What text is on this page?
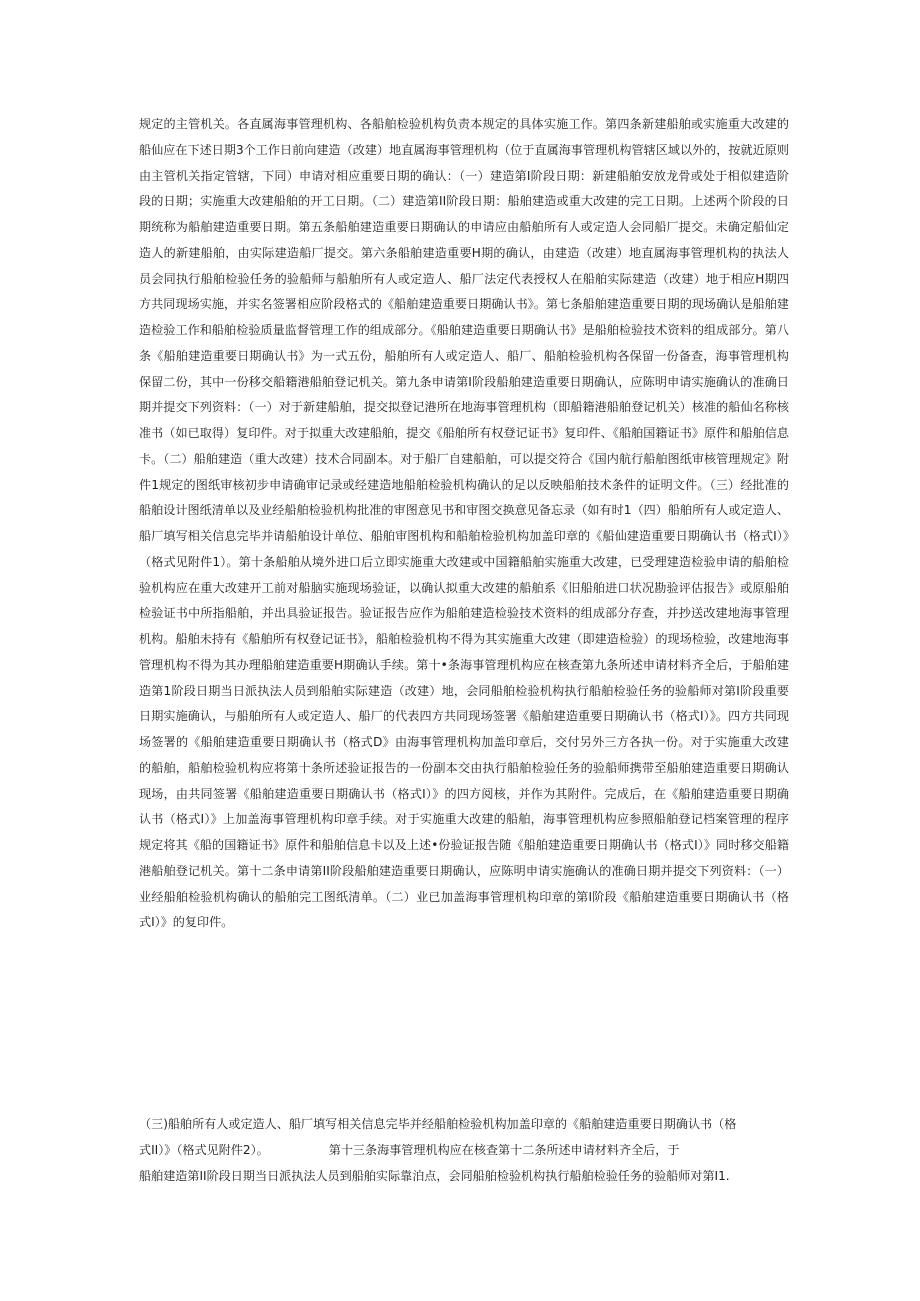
规定的主管机关。各直属海事管理机构、各船舶检验机构负责本规定的具体实施工作。第四条新建船舶或实施重大改建的船仙应在下述日期3个工作日前向建造（改建）地直属海事管理机构（位于直属海事管理机构管辖区域以外的，按就近原则由主管机关指定管辖，下同）申请对相应重要日期的确认：（一）建造第I阶段日期：新建船舶安放龙骨或处于相似建造阶段的日期；实施重大改建船舶的开工日期。（二）建造第II阶段日期：船舶建造或重大改建的完工日期。上述两个阶段的日期统称为船舶建造重要日期。第五条船舶建造重要日期确认的申请应由船舶所有人或定造人会同船厂提交。未确定船仙定造人的新建船舶，由实际建造船厂提交。第六条船舶建造重要H期的确认，由建造（改建）地直属海事管理机构的执法人员会同执行船舶检验任务的验船师与船舶所有人或定造人、船厂法定代表授权人在船舶实际建造（改建）地于相应H期四方共同现场实施，并实名签署相应阶段格式的《船舶建造重要日期确认书》。第七条船舶建造重要日期的现场确认是船舶建造检验工作和船舶检验质量监督管理工作的组成部分。《船舶建造重要日期确认书》是船舶检验技术资料的组成部分。第八条《船舶建造重要日期确认书》为一式五份，船舶所有人或定造人、船厂、船舶检验机构各保留一份备查，海事管理机构保留二份，其中一份移交船籍港船舶登记机关。第九条申请第I阶段船舶建造重要日期确认，应陈明申请实施确认的准确日期并提交下列资料：（一）对于新建船舶，提交拟登记港所在地海事管理机构（即船籍港船舶登记机关）核准的船仙名称核准书（如已取得）复印件。对于拟重大改建船舶，提交《船舶所有权登记证书》复印件、《船舶国籍证书》原件和船舶信息卡。（二）船舶建造（重大改建）技术合同副本。对于船厂自建船舶，可以提交符合《国内航行船舶图纸审核管理规定》附件1规定的图纸审核初步申请确审记录或经建造地船舶检验机构确认的足以反映船舶技术条件的证明文件。（三）经批准的船舶设计图纸清单以及业经船舶检验机构批准的审图意见书和审图交换意见备忘录（如有时1（四）船舶所有人或定造人、船厂填写相关信息完毕并请船舶设计单位、船舶审图机构和船舶检验机构加盖印章的《船仙建造重要日期确认书（格式I）》（格式见附件1）。第十条船舶从境外进口后立即实施重大改建或中国籍船舶实施重大改建，已受理建造检验申请的船舶检验机构应在重大改建开工前对船脑实施现场验证，以确认拟重大改建的船舶系《旧船舶进口状况勘验评估报告》或原船舶检验证书中所指船舶，并出具验证报告。验证报告应作为船舶建造检验技术资料的组成部分存查，并抄送改建地海事管理机构。船舶未持有《船舶所有权登记证书》，船舶检验机构不得为其实施重大改建（即建造检验）的现场检验，改建地海事管理机构不得为其办理船舶建造重要H期确认手续。第十•条海事管理机构应在核查第九条所述申请材料齐全后，于船舶建造第1阶段日期当日派执法人员到船舶实际建造（改建）地，会同船舶检验机构执行船舶检验任务的验船师对第I阶段重要日期实施确认，与船舶所有人或定造人、船厂的代表四方共同现场签署《船舶建造重要日期确认书（格式I）》。四方共同现场签署的《船舶建造重要日期确认书（格式D》由海事管理机构加盖印章后，交付另外三方各执一份。对于实施重大改建的船舶，船舶检验机构应将第十条所述验证报告的一份副本交由执行船舶检验任务的验船师携带至船舶建造重要日期确认现场，由共同签署《船舶建造重要日期确认书（格式I）》的四方阅核，并作为其附件。完成后，在《船舶建造重要日期确认书（格式I）》上加盖海事管理机构印章手续。对于实施重大改建的船舶，海事管理机构应参照船舶登记档案管理的程序规定将其《船的国籍证书》原件和船舶信息卡以及上述•份验证报告随《船舶建造重要日期确认书（格式I）》同时移交船籍港船舶登记机关。第十二条申请第II阶段船舶建造重要日期确认，应陈明申请实施确认的准确日期并提交下列资料：（一）业经船舶检验机构确认的船舶完工图纸清单。（二）业已加盖海事管理机构印章的第I阶段《船舶建造重要日期确认书（格式I）》的复印件。

（三)船舶所有人或定造人、船厂填写相关信息完毕并经船舶检验机构加盖印章的《船舶建造重要日期确认书（格

式II）》（格式见附件2）。	第十三条海事管理机构应在核查第十二条所述申请材料齐全后，于

船舶建造第II阶段日期当日派执法人员到船舶实际靠泊点，会同船舶检验机构执行船舶检验任务的验船师对第I1.
